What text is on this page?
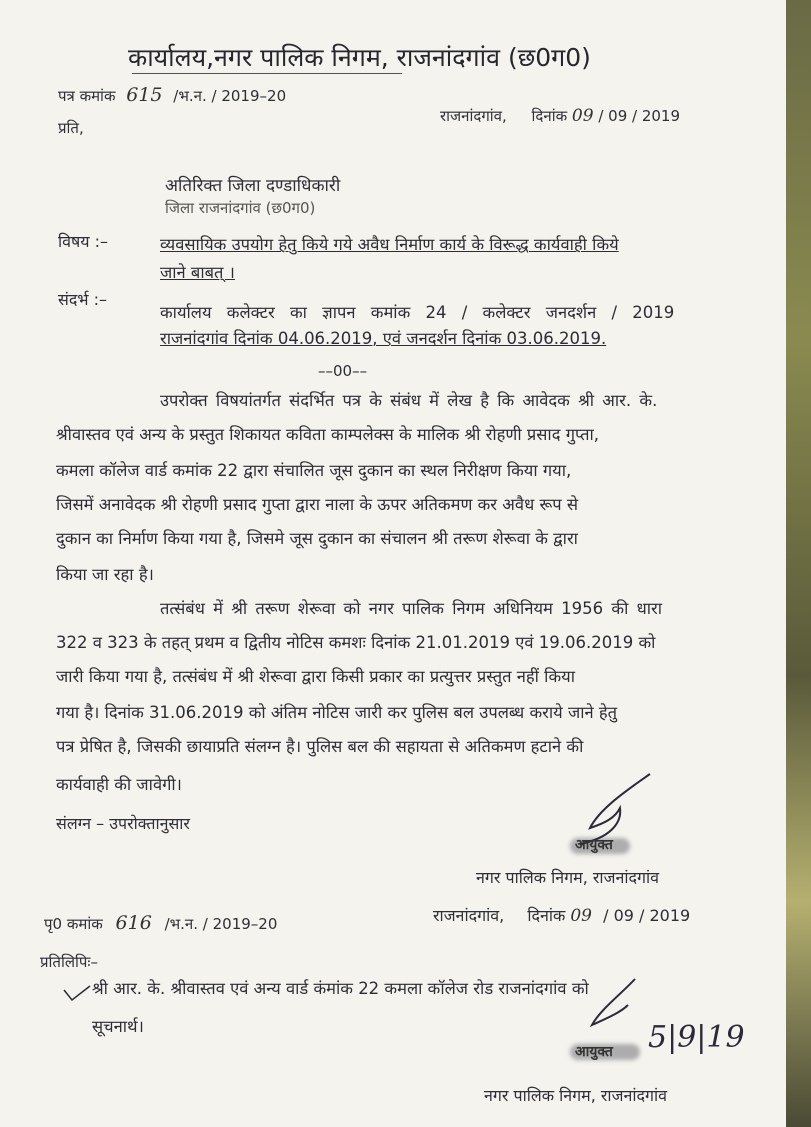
कार्यालय,नगर पालिक निगम, राजनांदगांव (छ0ग0)
पत्र कमांक 615 /भ.न. / 2019–20
राजनांदगांव, दिनांक 09 / 09 / 2019
प्रति,
अतिरिक्त जिला दण्डाधिकारी
जिला राजनांदगांव (छ0ग0)
विषय :–	व्यवसायिक उपयोग हेतु किये गये अवैध निर्माण कार्य के विरूद्ध कार्यवाही किये
जाने बाबत् ।
संदर्भ :–
कार्यालय कलेक्टर का ज्ञापन कमांक 24 / कलेक्टर जनदर्शन / 2019
राजनांदगांव दिनांक 04.06.2019, एवं जनदर्शन दिनांक 03.06.2019.
––00––
उपरोक्त विषयांतर्गत संदर्भित पत्र के संबंध में लेख है कि आवेदक श्री आर. के.
श्रीवास्तव एवं अन्य के प्रस्तुत शिकायत कविता काम्पलेक्स के मालिक श्री रोहणी प्रसाद गुप्ता,
कमला कॉलेज वार्ड कमांक 22 द्वारा संचालित जूस दुकान का स्थल निरीक्षण किया गया,
जिसमें अनावेदक श्री रोहणी प्रसाद गुप्ता द्वारा नाला के ऊपर अतिकमण कर अवैध रूप से
दुकान का निर्माण किया गया है, जिसमे जूस दुकान का संचालन श्री तरूण शेरूवा के द्वारा
किया जा रहा है।
तत्संबंध में श्री तरूण शेरूवा को नगर पालिक निगम अधिनियम 1956 की धारा
322 व 323 के तहत् प्रथम व द्वितीय नोटिस कमशः दिनांक 21.01.2019 एवं 19.06.2019 को
जारी किया गया है, तत्संबंध में श्री शेरूवा द्वारा किसी प्रकार का प्रत्युत्तर प्रस्तुत नहीं किया
गया है। दिनांक 31.06.2019 को अंतिम नोटिस जारी कर पुलिस बल उपलब्ध कराये जाने हेतु
पत्र प्रेषित है, जिसकी छायाप्रति संलग्न है। पुलिस बल की सहायता से अतिकमण हटाने की
कार्यवाही की जावेगी।
संलग्न – उपरोक्तानुसार
आयुक्त
नगर पालिक निगम, राजनांदगांव
पृ0 कमांक 616 /भ.न. / 2019–20	राजनांदगांव, दिनांक 09 / 09 / 2019
प्रतिलिपिः–
श्री आर. के. श्रीवास्तव एवं अन्य वार्ड कंमांक 22 कमला कॉलेज रोड राजनांदगांव को
सूचनार्थ।	5|9|19
आयुक्त
नगर पालिक निगम, राजनांदगांव
